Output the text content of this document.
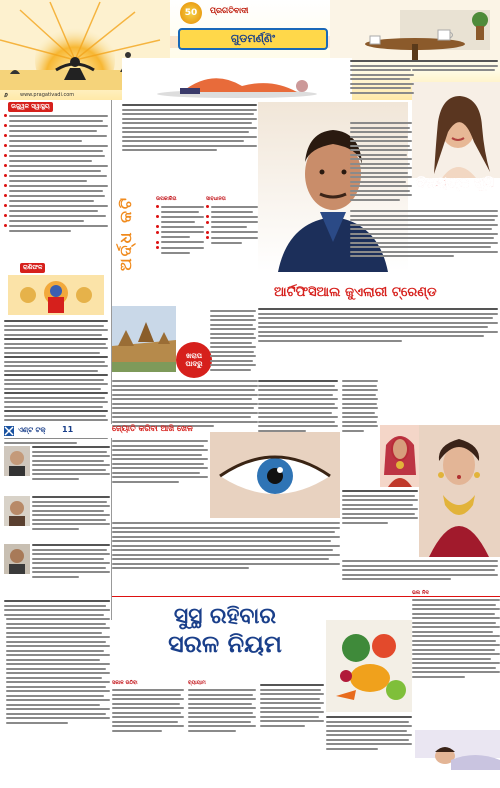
50	ପ୍ରଗତିବାଦୀ
ଗୁଡମର୍ଣ୍ଣିଂ
୬ www.pragativadi.com
ଉଜ୍ଜ୍ୱଳ ସ୍ୱାସ୍ଥ୍ୟ
ରାଶିଫଳ
ଏଣ୍ଟ ଟକ୍ 11
ଅର୍ଦ୍ଧ କଟି	ଉପକାରିତା	ସାବଧାନତା
ବିଜୟଙ୍କ ଖୁସି
ଆର୍ଟିଫିସିଆଲ ଜୁଏଲାରୀ ଟ୍ରେଣ୍ଡ
ଖରାପ ପାଦରୁ
ଜ୍ୟୋତି କରିବା ଆଖି ଖେଳ
ସୁସ୍ଥ ରହିବାର
ସରଳ ନିୟମ
ସକାଳ ଉଠିବା	ବ୍ୟାୟାମ
ଭଲ ନିଦ
